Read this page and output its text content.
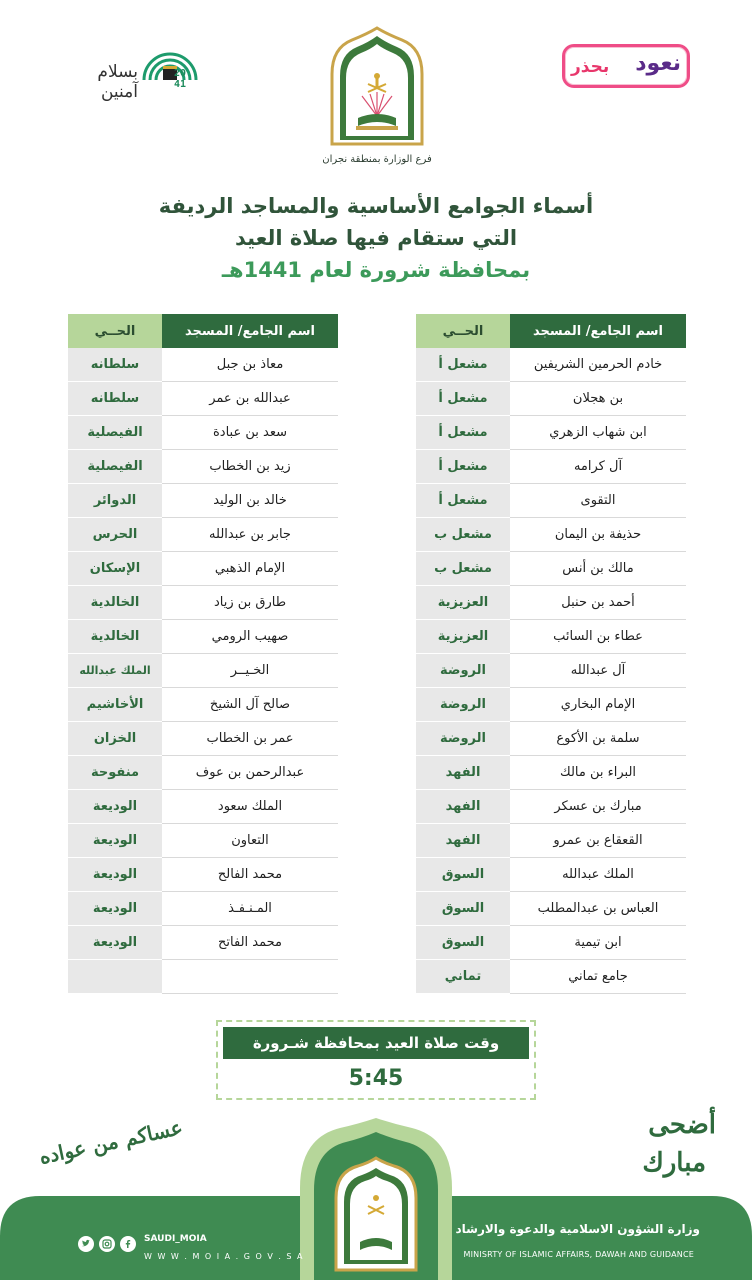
بسلام
آمنين
20
41
فرع الوزارة بمنطقة نجران
نعود
بحذر
أسماء الجوامع الأساسية والمساجد الرديفة
التي ستقام فيها صلاة العيد
بمحافظة شرورة لعام 1441هـ
اسم الجامع/ المسجد
الحــي
خادم الحرمين الشريفين
مشعل أ
بن هجلان
مشعل أ
ابن شهاب الزهري
مشعل أ
آل كرامه
مشعل أ
التقوى
مشعل أ
حذيفة بن اليمان
مشعل ب
مالك بن أنس
مشعل ب
أحمد بن حنبل
العزيزية
عطاء بن السائب
العزيزية
آل عبدالله
الروضة
الإمام البخاري
الروضة
سلمة بن الأكوع
الروضة
البراء بن مالك
الفهد
مبارك بن عسكر
الفهد
القعقاع بن عمرو
الفهد
الملك عبدالله
السوق
العباس بن عبدالمطلب
السوق
ابن تيمية
السوق
جامع تماني
تماني
اسم الجامع/ المسجد
الحــي
معاذ بن جبل
سلطانه
عبدالله بن عمر
سلطانه
سعد بن عبادة
الفيصلية
زيد بن الخطاب
الفيصلية
خالد بن الوليد
الدوائر
جابر بن عبدالله
الحرس
الإمام الذهبي
الإسكان
طارق بن زياد
الخالدية
صهيب الرومي
الخالدية
الخـيــر
الملك عبدالله
صالح آل الشيخ
الأخاشيم
عمر بن الخطاب
الخزان
عبدالرحمن بن عوف
منفوحة
الملك سعود
الوديعة
التعاون
الوديعة
محمد الفالح
الوديعة
المـنـفـذ
الوديعة
محمد الفاتح
الوديعة
وقت صلاة العيد بمحافظة شـرورة
5:45
عساكم من عواده	أضحى
مبارك
وزارة الشؤون الاسلامية والدعوة والارشاد
MINISRTY OF ISLAMIC AFFAIRS, DAWAH AND GUIDANCE
SAUDI_MOIA
W W W . M O I A . G O V . S A
